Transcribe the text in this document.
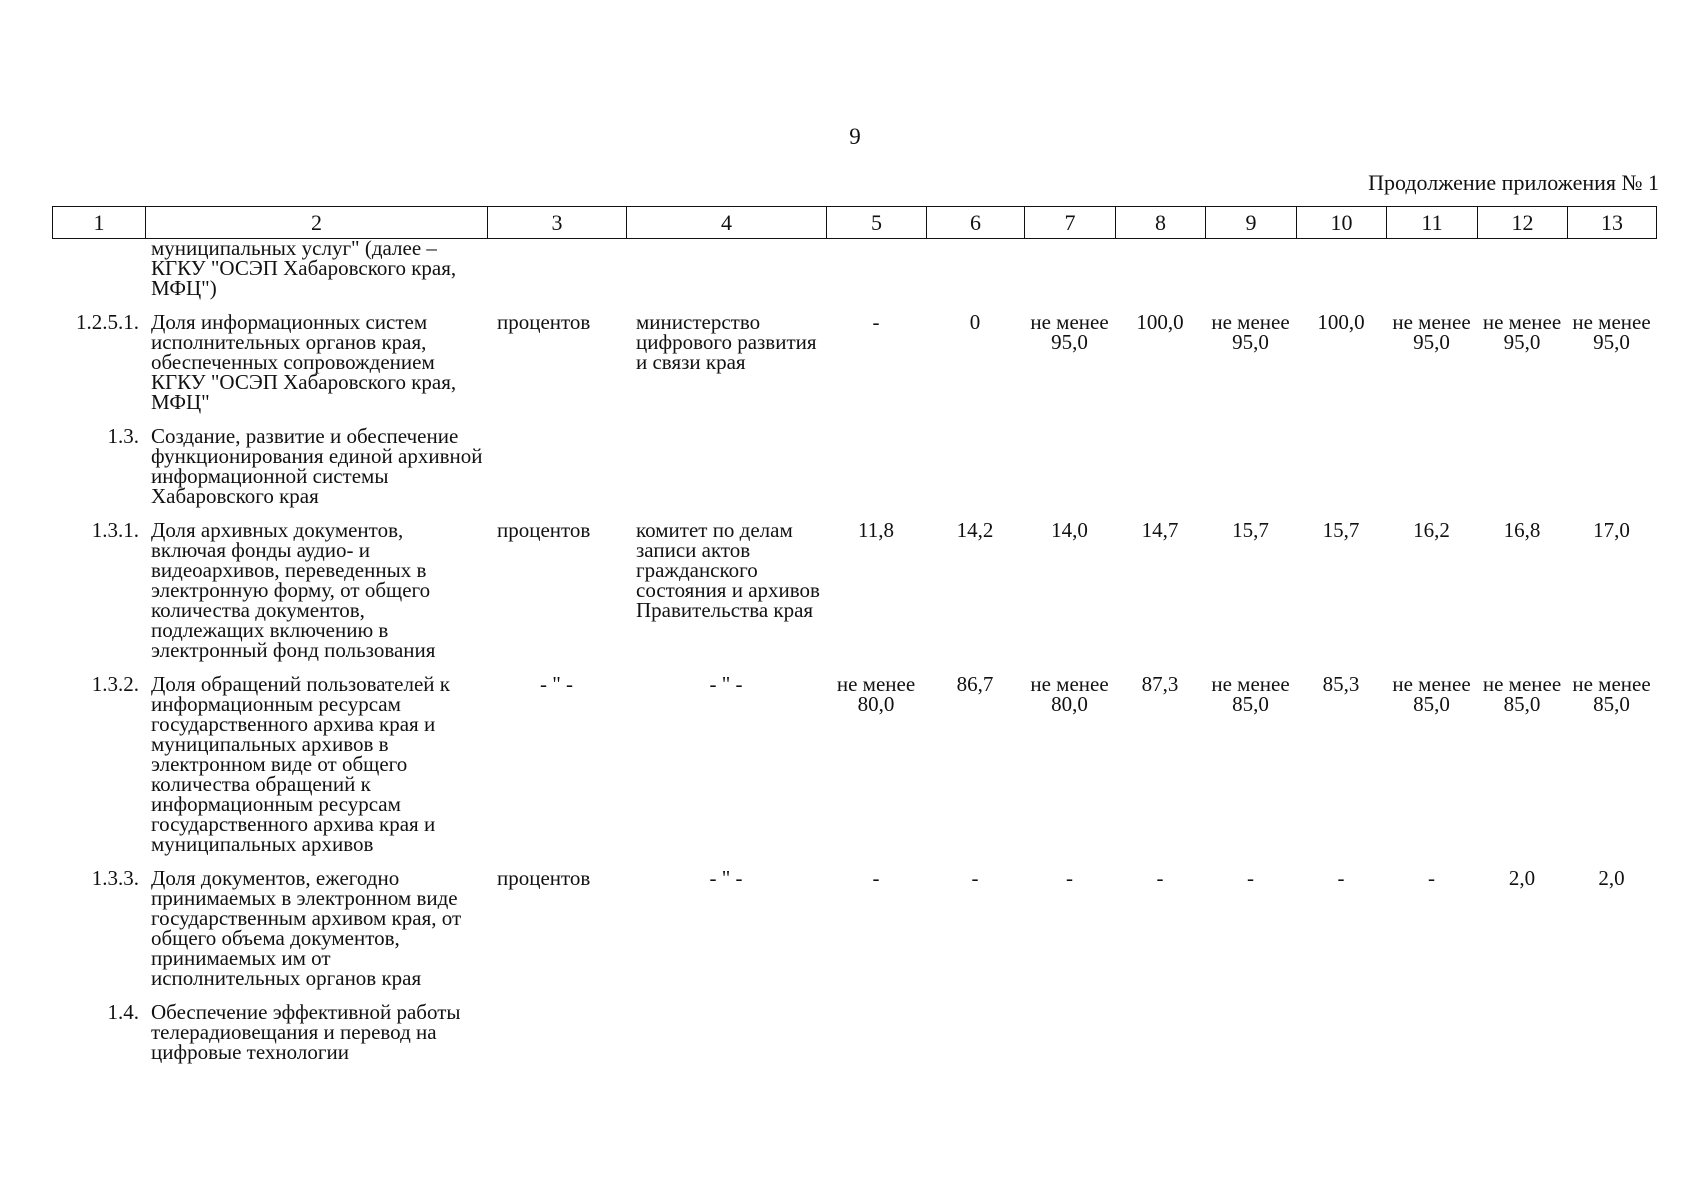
9
Продолжение приложения № 1
1	2	3	4	5	6	7	8	9	10	11	12	13
	муниципальных услуг" (далее – КГКУ "ОСЭП Хабаровского края, МФЦ")											
1.2.5.1.	Доля информационных систем исполнительных органов края, обеспеченных сопровождением КГКУ "ОСЭП Хабаровского края, МФЦ"	процентов	министерство цифрового развития и связи края	-	0	не менее 95,0	100,0	не менее 95,0	100,0	не менее 95,0	не менее 95,0	не менее 95,0
1.3.	Создание, развитие и обеспечение функционирования единой архивной информационной системы Хабаровского края											
1.3.1.	Доля архивных документов, включая фонды аудио- и видеоархивов, переведенных в электронную форму, от общего количества документов, подлежащих включению в электронный фонд пользования	процентов	комитет по делам записи актов гражданского состояния и архивов Правительства края	11,8	14,2	14,0	14,7	15,7	15,7	16,2	16,8	17,0
1.3.2.	Доля обращений пользователей к информационным ресурсам государственного архива края и муниципальных архивов в электронном виде от общего количества обращений к информационным ресурсам государственного архива края и муниципальных архивов	- " -	- " -	не менее 80,0	86,7	не менее 80,0	87,3	не менее 85,0	85,3	не менее 85,0	не менее 85,0	не менее 85,0
1.3.3.	Доля документов, ежегодно принимаемых в электронном виде государственным архивом края, от общего объема документов, принимаемых им от исполнительных органов края	процентов	- " -	-	-	-	-	-	-	-	2,0	2,0
1.4.	Обеспечение эффективной работы телерадиовещания и перевод на цифровые технологии											
